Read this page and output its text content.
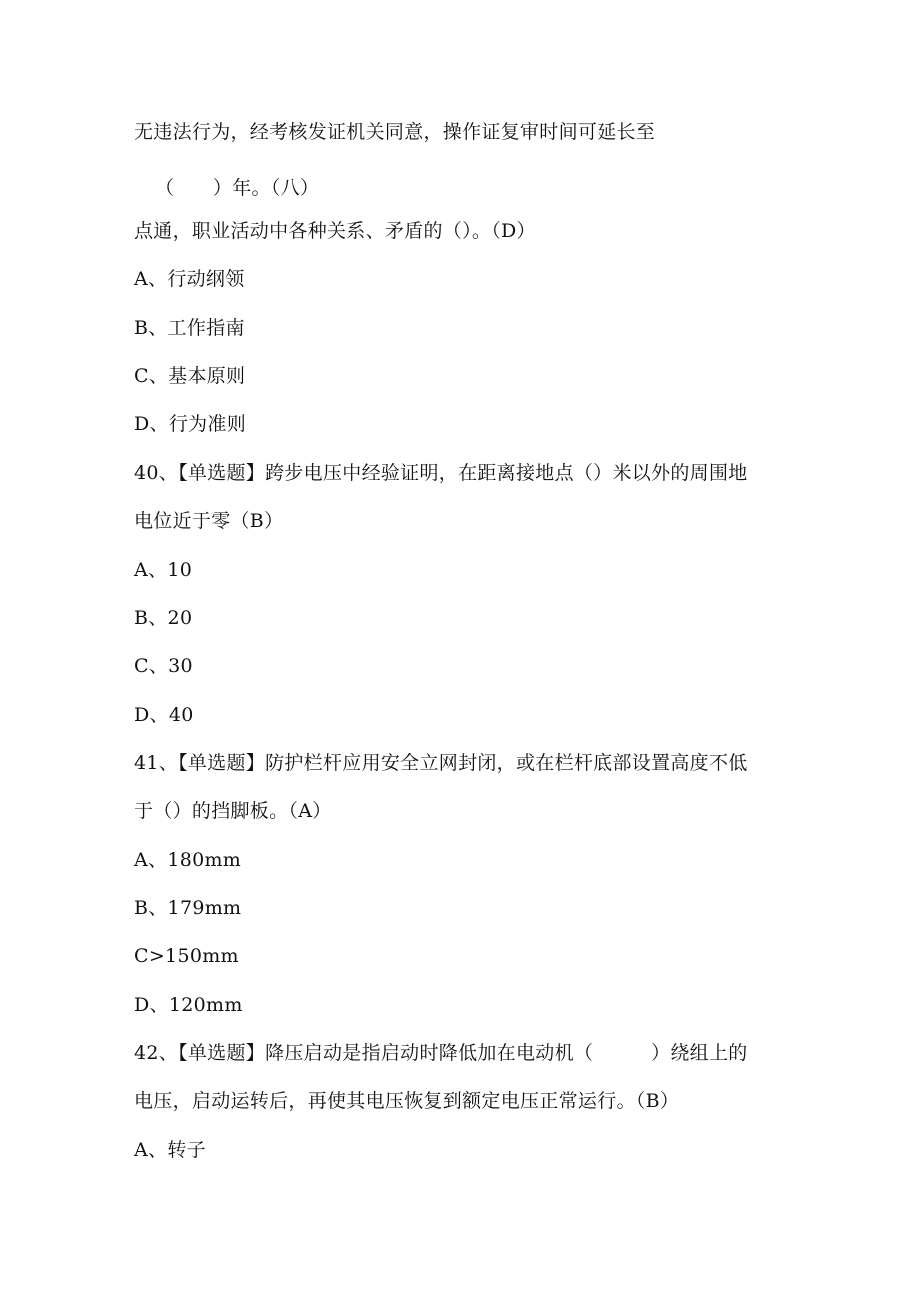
无违法行为，经考核发证机关同意，操作证复审时间可延长至
（　　）年。（八）
点通，职业活动中各种关系、矛盾的（）。（D）
A、行动纲领
B、工作指南
C、基本原则
D、行为准则
40、【单选题】跨步电压中经验证明，在距离接地点（）米以外的周围地
电位近于零（B）
A、10
B、20
C、30
D、40
41、【单选题】防护栏杆应用安全立网封闭，或在栏杆底部设置高度不低
于（）的挡脚板。（A）
A、180mm
B、179mm
C>150mm
D、120mm
42、【单选题】降压启动是指启动时降低加在电动机（　　　）绕组上的
电压，启动运转后，再使其电压恢复到额定电压正常运行。（B）
A、转子
